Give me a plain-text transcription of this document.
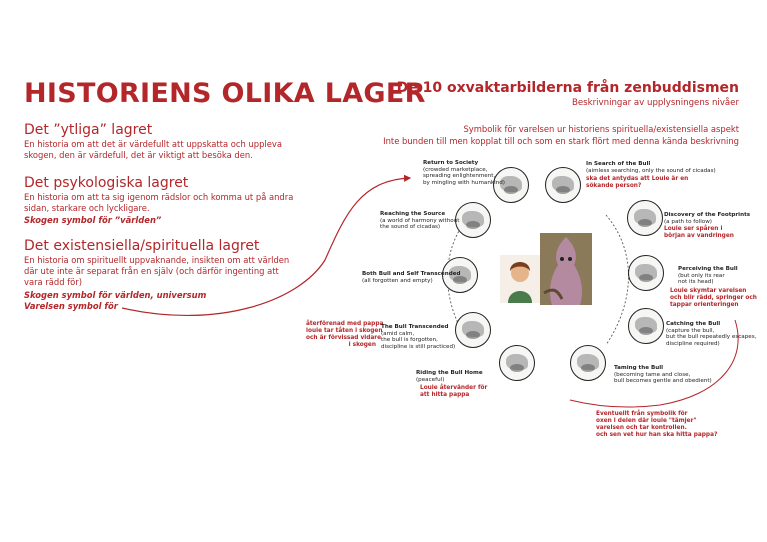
HISTORIENS OLIKA LAGER
Det ”ytliga” lagret
En historia om att det är värdefullt att uppskatta och uppleva skogen, den är värdefull, det är viktigt att besöka den.
Det psykologiska lagret
En historia om att ta sig igenom rädslor och komma ut på andra sidan, starkare och lyckligare.
Skogen symbol för ”världen”
Det existensiella/spirituella lagret
En historia om spirituellt uppvaknande, insikten om att världen där ute inte är separat från en själv (och därför ingenting att vara rädd för)
Skogen symbol för världen, universum
Varelsen symbol för
De 10 oxvaktarbilderna från zenbuddismen
Beskrivningar av upplysningens nivåer
Symbolik för varelsen ur historiens spirituella/existensiella aspekt
Inte bunden till men kopplat till och som en stark flört med denna kända beskrivning
Return to Society
(crowded marketplace,
spreading enlightenment,
by mingling with humankind)
In Search of the Bull
(aimless searching, only the sound of cicadas)
ska det antydas att Louie är en
sökande person?
Reaching the Source
(a world of harmony without
the sound of cicadas)
Discovery of the Footprints
(a path to follow)
Louie ser spåren i
början av vandringen
Both Bull and Self Transcended
(all forgotten and empty)
Perceiving the Bull
(but only its rear
not its head)
Louie skymtar varelsen
och blir rädd, springer och
tappar orienteringen
återförenad med pappa
louie tar tåten i skogen
och är förvissad vidare
i skogen
The Bull Transcended
(amid calm,
the bull is forgotten,
discipline is still practiced)
Catching the Bull
(capture the bull,
but the bull repeatedly escapes,
discipline required)
Riding the Bull Home
(peaceful)
Louie återvänder för
att hitta pappa
Taming the Bull
(becoming tame and close,
bull becomes gentle and obedient)
Eventuellt från symbolik för
oxen i delen där louie "tämjer"
varelsen och tar kontrollen.
och sen vet hur han ska hitta pappa?
